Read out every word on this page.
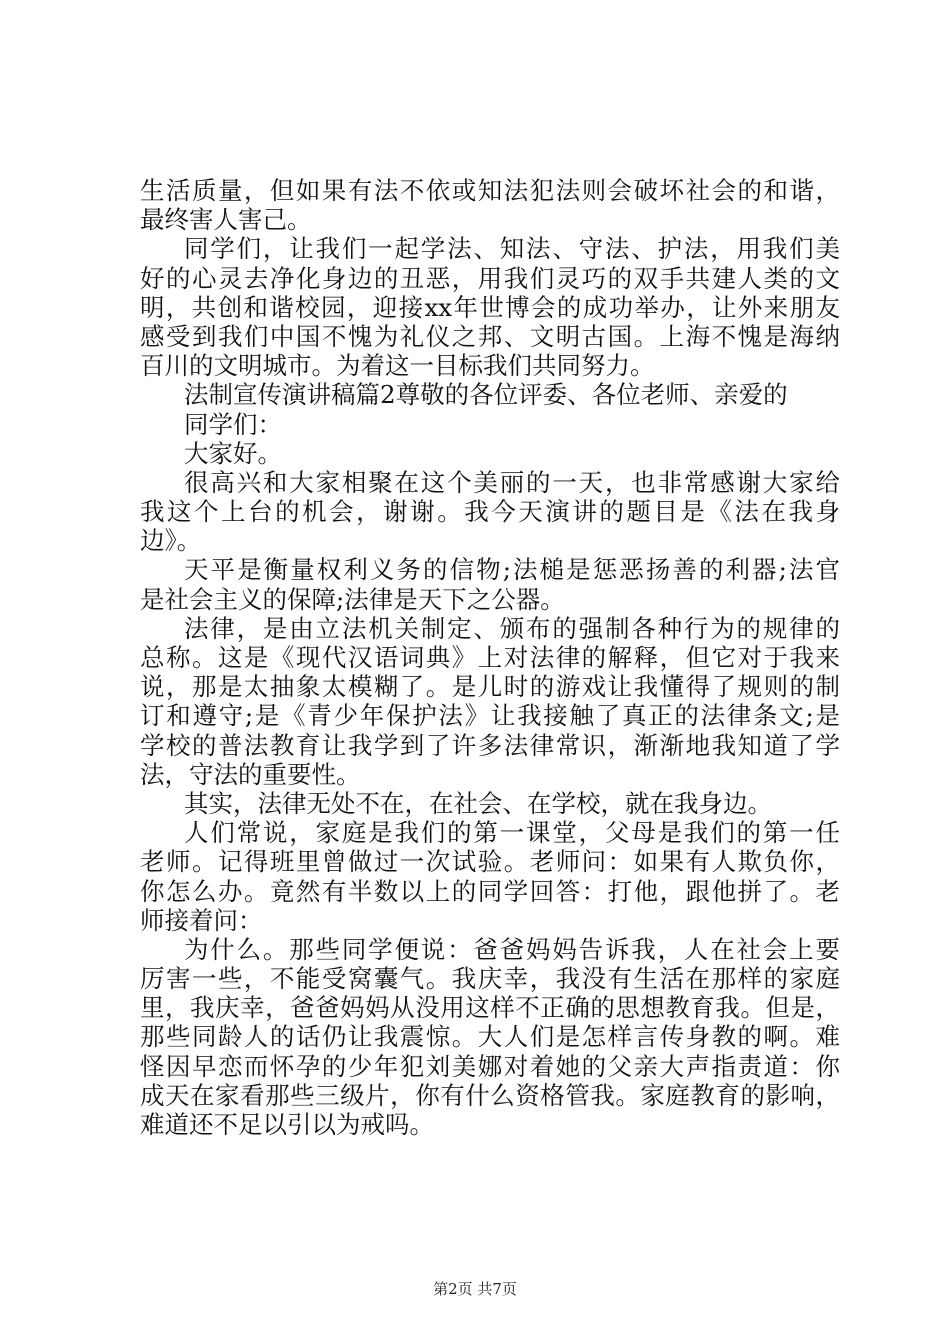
生活质量，但如果有法不依或知法犯法则会破坏社会的和谐，
最终害人害己。
同学们，让我们一起学法、知法、守法、护法，用我们美
好的心灵去净化身边的丑恶，用我们灵巧的双手共建人类的文
明，共创和谐校园，迎接xx年世博会的成功举办，让外来朋友
感受到我们中国不愧为礼仪之邦、文明古国。上海不愧是海纳
百川的文明城市。为着这一目标我们共同努力。
法制宣传演讲稿篇2尊敬的各位评委、各位老师、亲爱的
同学们：
大家好。
很高兴和大家相聚在这个美丽的一天，也非常感谢大家给
我这个上台的机会，谢谢。我今天演讲的题目是《法在我身
边》。
天平是衡量权利义务的信物;法槌是惩恶扬善的利器;法官
是社会主义的保障;法律是天下之公器。
法律，是由立法机关制定、颁布的强制各种行为的规律的
总称。这是《现代汉语词典》上对法律的解释，但它对于我来
说，那是太抽象太模糊了。是儿时的游戏让我懂得了规则的制
订和遵守;是《青少年保护法》让我接触了真正的法律条文;是
学校的普法教育让我学到了许多法律常识，渐渐地我知道了学
法，守法的重要性。
其实，法律无处不在，在社会、在学校，就在我身边。
人们常说，家庭是我们的第一课堂，父母是我们的第一任
老师。记得班里曾做过一次试验。老师问：如果有人欺负你，
你怎么办。竟然有半数以上的同学回答：打他，跟他拼了。老
师接着问：
为什么。那些同学便说：爸爸妈妈告诉我，人在社会上要
厉害一些，不能受窝囊气。我庆幸，我没有生活在那样的家庭
里，我庆幸，爸爸妈妈从没用这样不正确的思想教育我。但是，
那些同龄人的话仍让我震惊。大人们是怎样言传身教的啊。难
怪因早恋而怀孕的少年犯刘美娜对着她的父亲大声指责道：你
成天在家看那些三级片，你有什么资格管我。家庭教育的影响，
难道还不足以引以为戒吗。
第2页 共7页
